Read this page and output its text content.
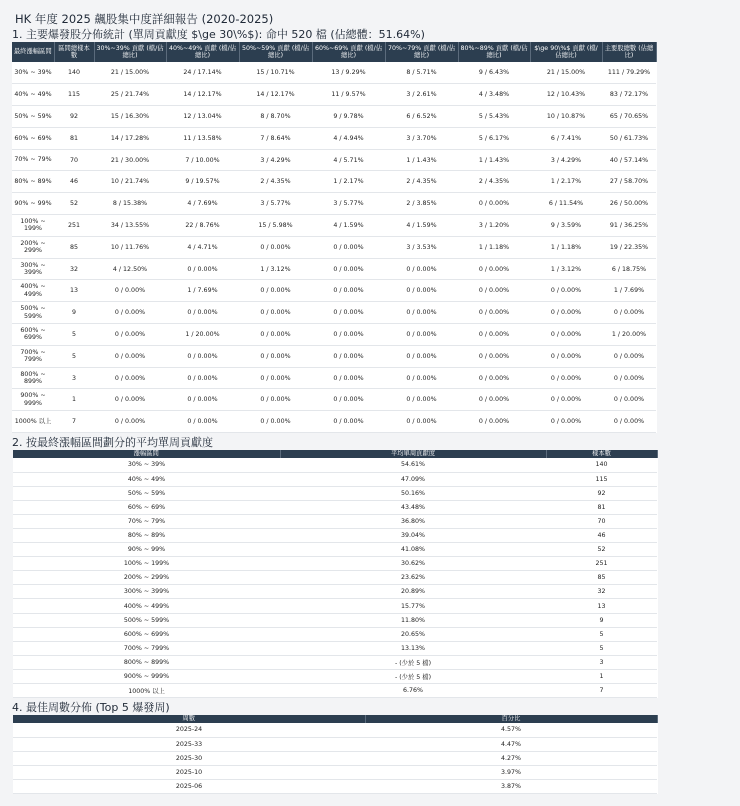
HK 年度 2025 飆股集中度詳細報告 (2020-2025)
1. 主要爆發股分佈統計 (單周貢獻度 $\ge 30\%$): 命中 520 檔 (佔總體：51.64%)
最終漲幅區間	區間總樣本數	30%~39% 貢獻 (檔/佔總比)	40%~49% 貢獻 (檔/佔總比)	50%~59% 貢獻 (檔/佔總比)	60%~69% 貢獻 (檔/佔總比)	70%~79% 貢獻 (檔/佔總比)	80%~89% 貢獻 (檔/佔總比)	$\ge 90\%$ 貢獻 (檔/佔總比)	主要股總數 (佔總比)
30% ~ 39%	140	21 / 15.00%	24 / 17.14%	15 / 10.71%	13 / 9.29%	8 / 5.71%	9 / 6.43%	21 / 15.00%	111 / 79.29%
40% ~ 49%	115	25 / 21.74%	14 / 12.17%	14 / 12.17%	11 / 9.57%	3 / 2.61%	4 / 3.48%	12 / 10.43%	83 / 72.17%
50% ~ 59%	92	15 / 16.30%	12 / 13.04%	8 / 8.70%	9 / 9.78%	6 / 6.52%	5 / 5.43%	10 / 10.87%	65 / 70.65%
60% ~ 69%	81	14 / 17.28%	11 / 13.58%	7 / 8.64%	4 / 4.94%	3 / 3.70%	5 / 6.17%	6 / 7.41%	50 / 61.73%
70% ~ 79%	70	21 / 30.00%	7 / 10.00%	3 / 4.29%	4 / 5.71%	1 / 1.43%	1 / 1.43%	3 / 4.29%	40 / 57.14%
80% ~ 89%	46	10 / 21.74%	9 / 19.57%	2 / 4.35%	1 / 2.17%	2 / 4.35%	2 / 4.35%	1 / 2.17%	27 / 58.70%
90% ~ 99%	52	8 / 15.38%	4 / 7.69%	3 / 5.77%	3 / 5.77%	2 / 3.85%	0 / 0.00%	6 / 11.54%	26 / 50.00%
100% ~ 199%	251	34 / 13.55%	22 / 8.76%	15 / 5.98%	4 / 1.59%	4 / 1.59%	3 / 1.20%	9 / 3.59%	91 / 36.25%
200% ~ 299%	85	10 / 11.76%	4 / 4.71%	0 / 0.00%	0 / 0.00%	3 / 3.53%	1 / 1.18%	1 / 1.18%	19 / 22.35%
300% ~ 399%	32	4 / 12.50%	0 / 0.00%	1 / 3.12%	0 / 0.00%	0 / 0.00%	0 / 0.00%	1 / 3.12%	6 / 18.75%
400% ~ 499%	13	0 / 0.00%	1 / 7.69%	0 / 0.00%	0 / 0.00%	0 / 0.00%	0 / 0.00%	0 / 0.00%	1 / 7.69%
500% ~ 599%	9	0 / 0.00%	0 / 0.00%	0 / 0.00%	0 / 0.00%	0 / 0.00%	0 / 0.00%	0 / 0.00%	0 / 0.00%
600% ~ 699%	5	0 / 0.00%	1 / 20.00%	0 / 0.00%	0 / 0.00%	0 / 0.00%	0 / 0.00%	0 / 0.00%	1 / 20.00%
700% ~ 799%	5	0 / 0.00%	0 / 0.00%	0 / 0.00%	0 / 0.00%	0 / 0.00%	0 / 0.00%	0 / 0.00%	0 / 0.00%
800% ~ 899%	3	0 / 0.00%	0 / 0.00%	0 / 0.00%	0 / 0.00%	0 / 0.00%	0 / 0.00%	0 / 0.00%	0 / 0.00%
900% ~ 999%	1	0 / 0.00%	0 / 0.00%	0 / 0.00%	0 / 0.00%	0 / 0.00%	0 / 0.00%	0 / 0.00%	0 / 0.00%
1000% 以上	7	0 / 0.00%	0 / 0.00%	0 / 0.00%	0 / 0.00%	0 / 0.00%	0 / 0.00%	0 / 0.00%	0 / 0.00%
2. 按最終漲幅區間劃分的平均單周貢獻度
漲幅區間	平均單周貢獻度	樣本數
30% ~ 39%	54.61%	140
40% ~ 49%	47.09%	115
50% ~ 59%	50.16%	92
60% ~ 69%	43.48%	81
70% ~ 79%	36.80%	70
80% ~ 89%	39.04%	46
90% ~ 99%	41.08%	52
100% ~ 199%	30.62%	251
200% ~ 299%	23.62%	85
300% ~ 399%	20.89%	32
400% ~ 499%	15.77%	13
500% ~ 599%	11.80%	9
600% ~ 699%	20.65%	5
700% ~ 799%	13.13%	5
800% ~ 899%	- (少於 5 檔)	3
900% ~ 999%	- (少於 5 檔)	1
1000% 以上	6.76%	7
4. 最佳周數分佈 (Top 5 爆發周)
周數	百分比
2025-24	4.57%
2025-33	4.47%
2025-30	4.27%
2025-10	3.97%
2025-06	3.87%
